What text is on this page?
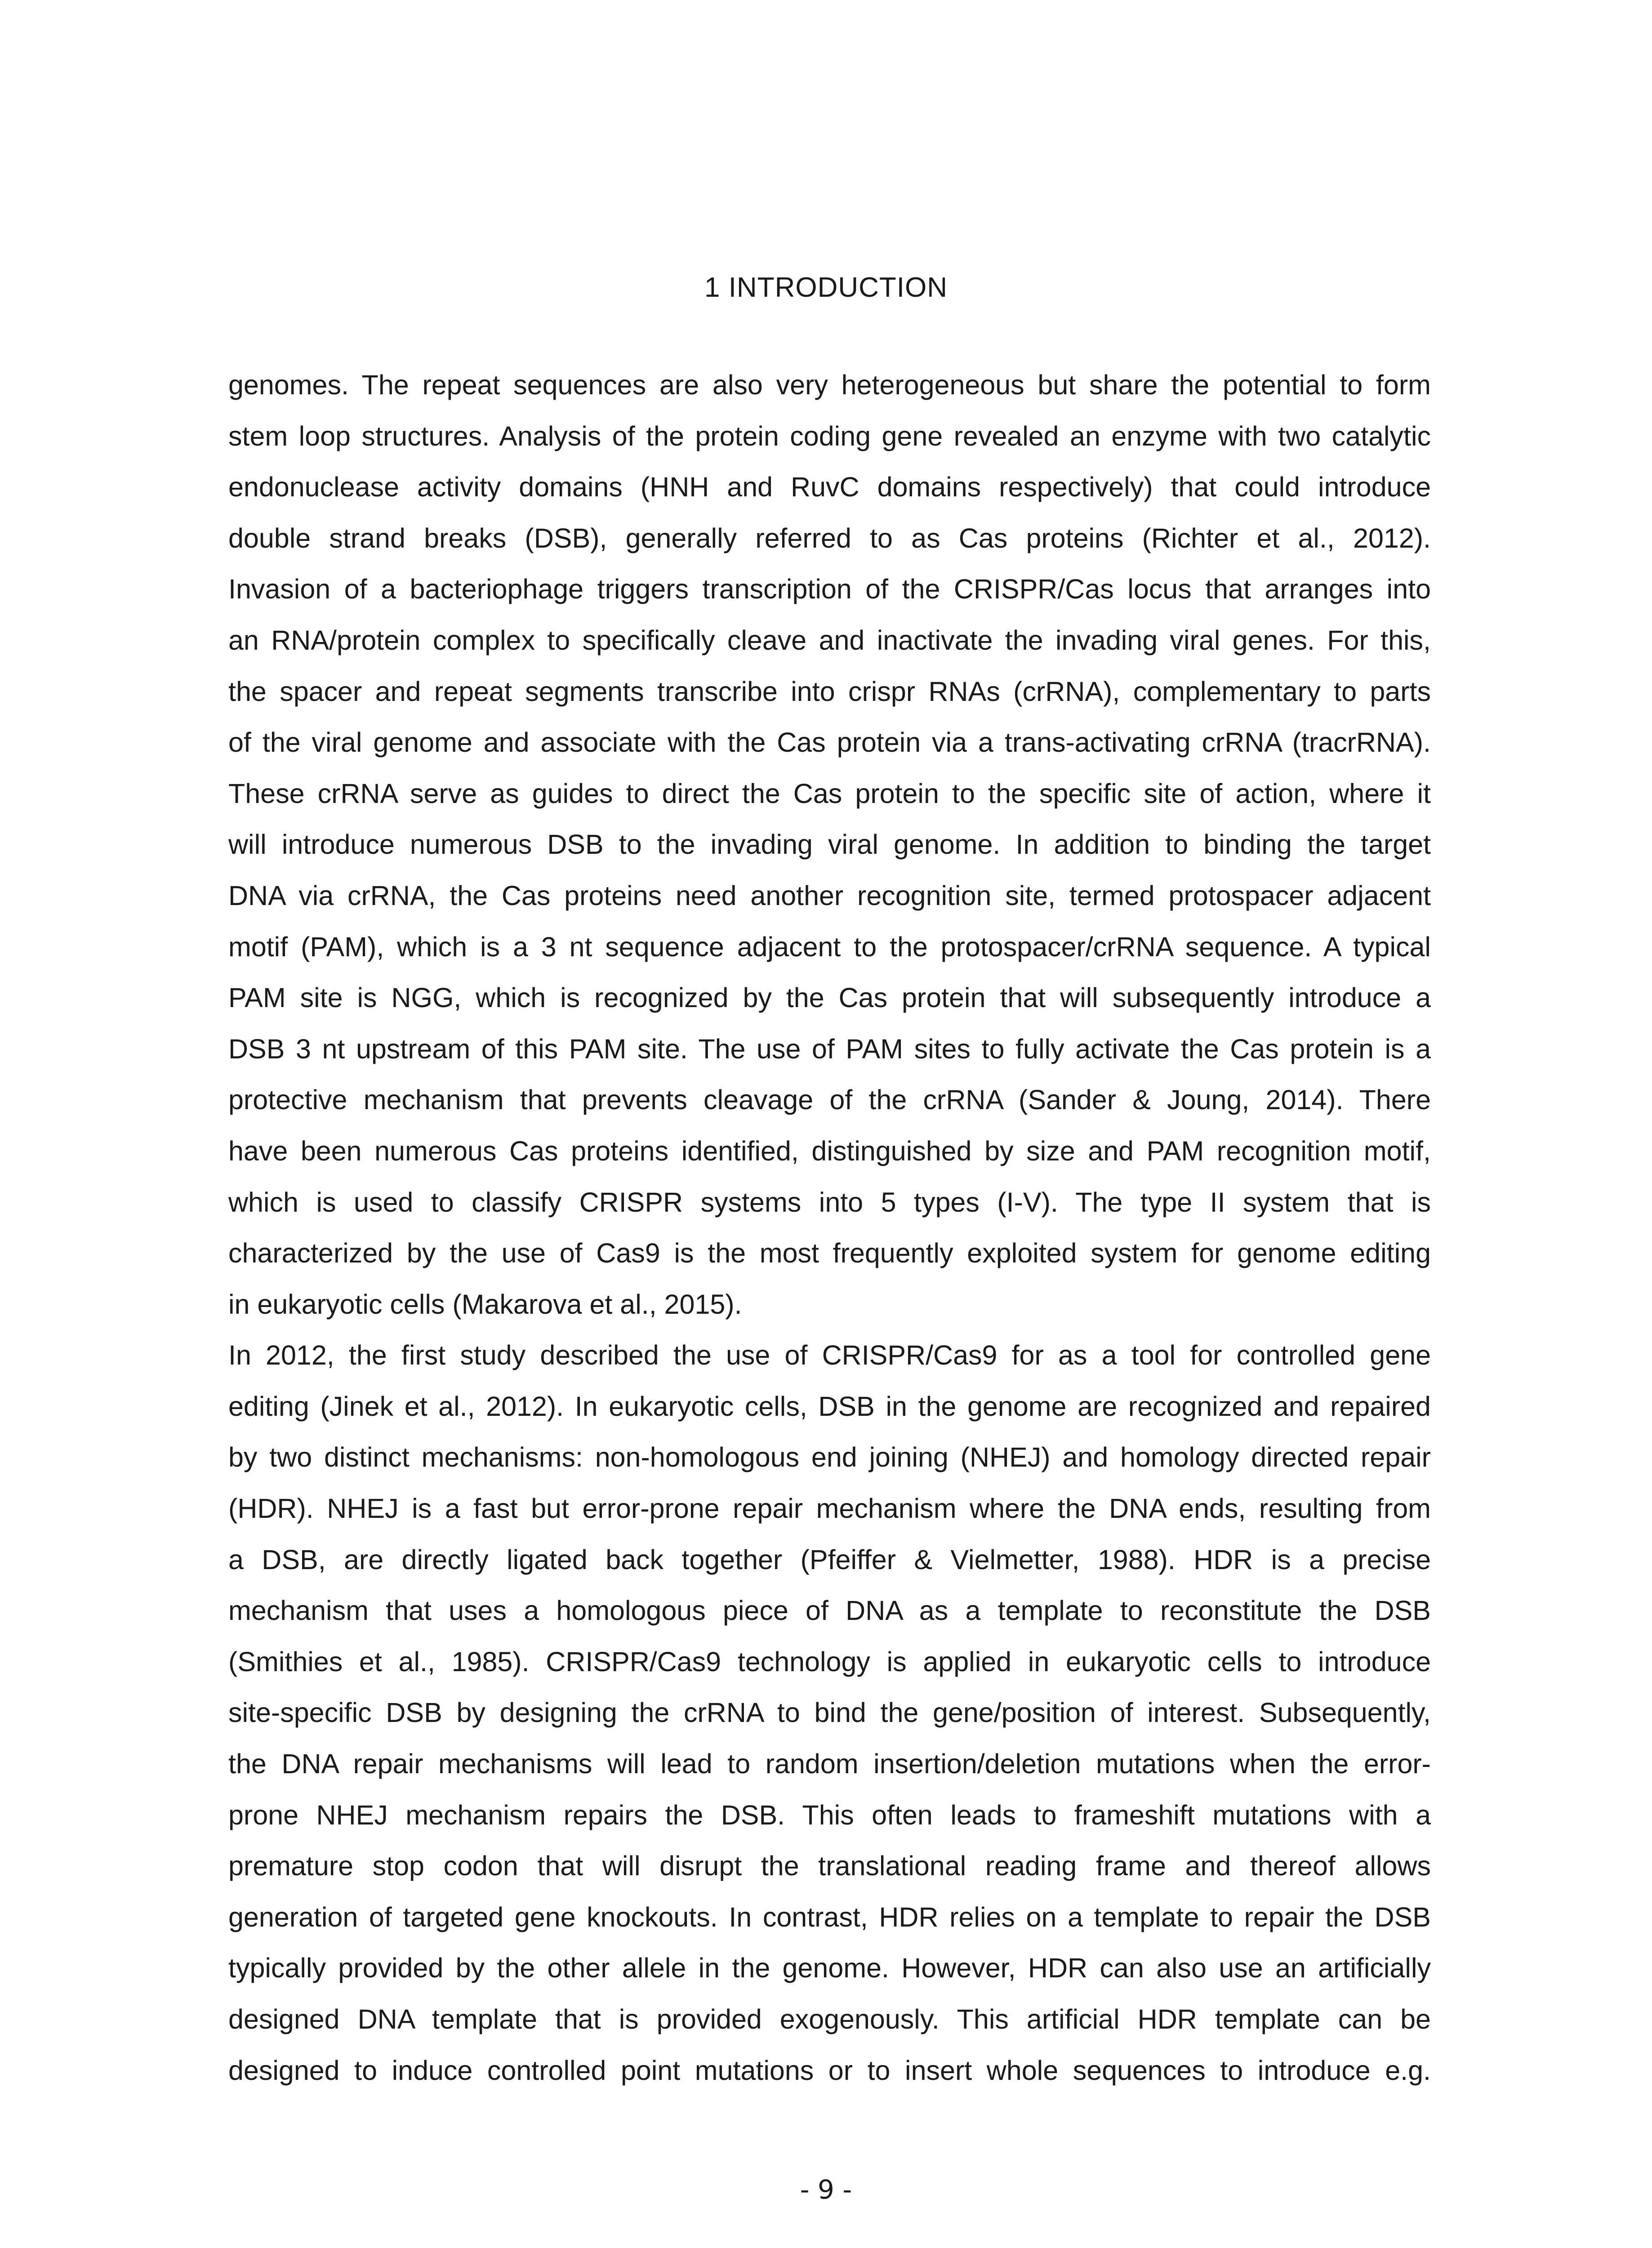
1 INTRODUCTION
genomes. The repeat sequences are also very heterogeneous but share the potential to form
stem loop structures. Analysis of the protein coding gene revealed an enzyme with two catalytic
endonuclease activity domains (HNH and RuvC domains respectively) that could introduce
double strand breaks (DSB), generally referred to as Cas proteins (Richter et al., 2012).
Invasion of a bacteriophage triggers transcription of the CRISPR/Cas locus that arranges into
an RNA/protein complex to specifically cleave and inactivate the invading viral genes. For this,
the spacer and repeat segments transcribe into crispr RNAs (crRNA), complementary to parts
of the viral genome and associate with the Cas protein via a trans-activating crRNA (tracrRNA).
These crRNA serve as guides to direct the Cas protein to the specific site of action, where it
will introduce numerous DSB to the invading viral genome. In addition to binding the target
DNA via crRNA, the Cas proteins need another recognition site, termed protospacer adjacent
motif (PAM), which is a 3 nt sequence adjacent to the protospacer/crRNA sequence. A typical
PAM site is NGG, which is recognized by the Cas protein that will subsequently introduce a
DSB 3 nt upstream of this PAM site. The use of PAM sites to fully activate the Cas protein is a
protective mechanism that prevents cleavage of the crRNA (Sander & Joung, 2014). There
have been numerous Cas proteins identified, distinguished by size and PAM recognition motif,
which is used to classify CRISPR systems into 5 types (I-V). The type II system that is
characterized by the use of Cas9 is the most frequently exploited system for genome editing
in eukaryotic cells (Makarova et al., 2015).
In 2012, the first study described the use of CRISPR/Cas9 for as a tool for controlled gene
editing (Jinek et al., 2012). In eukaryotic cells, DSB in the genome are recognized and repaired
by two distinct mechanisms: non-homologous end joining (NHEJ) and homology directed repair
(HDR). NHEJ is a fast but error-prone repair mechanism where the DNA ends, resulting from
a DSB, are directly ligated back together (Pfeiffer & Vielmetter, 1988). HDR is a precise
mechanism that uses a homologous piece of DNA as a template to reconstitute the DSB
(Smithies et al., 1985). CRISPR/Cas9 technology is applied in eukaryotic cells to introduce
site-specific DSB by designing the crRNA to bind the gene/position of interest. Subsequently,
the DNA repair mechanisms will lead to random insertion/deletion mutations when the error-
prone NHEJ mechanism repairs the DSB. This often leads to frameshift mutations with a
premature stop codon that will disrupt the translational reading frame and thereof allows
generation of targeted gene knockouts. In contrast, HDR relies on a template to repair the DSB
typically provided by the other allele in the genome. However, HDR can also use an artificially
designed DNA template that is provided exogenously. This artificial HDR template can be
designed to induce controlled point mutations or to insert whole sequences to introduce e.g.
- 9 -
